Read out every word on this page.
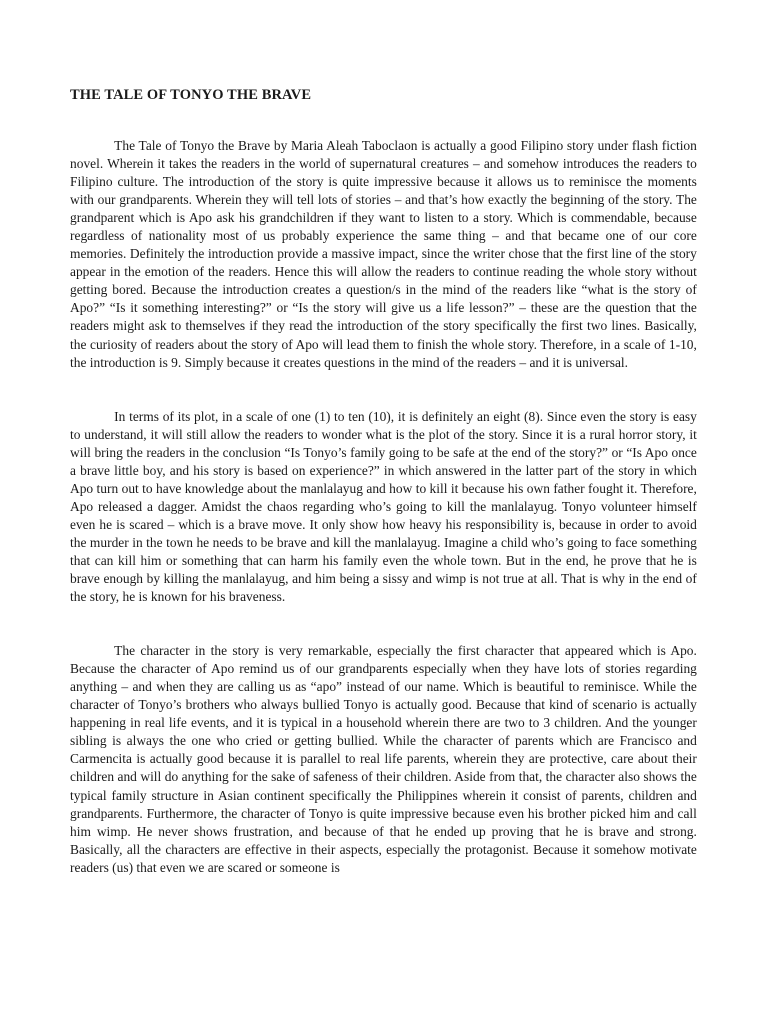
THE TALE OF TONYO THE BRAVE

The Tale of Tonyo the Brave by Maria Aleah Taboclaon is actually a good Filipino story under flash fiction novel. Wherein it takes the readers in the world of supernatural creatures – and somehow introduces the readers to Filipino culture. The introduction of the story is quite impressive because it allows us to reminisce the moments with our grandparents. Wherein they will tell lots of stories – and that’s how exactly the beginning of the story. The grandparent which is Apo ask his grandchildren if they want to listen to a story. Which is commendable, because regardless of nationality most of us probably experience the same thing – and that became one of our core memories. Definitely the introduction provide a massive impact, since the writer chose that the first line of the story appear in the emotion of the readers. Hence this will allow the readers to continue reading the whole story without getting bored. Because the introduction creates a question/s in the mind of the readers like “what is the story of Apo?” “Is it something interesting?” or “Is the story will give us a life lesson?” – these are the question that the readers might ask to themselves if they read the introduction of the story specifically the first two lines. Basically, the curiosity of readers about the story of Apo will lead them to finish the whole story. Therefore, in a scale of 1-10, the introduction is 9. Simply because it creates questions in the mind of the readers – and it is universal.

In terms of its plot, in a scale of one (1) to ten (10), it is definitely an eight (8). Since even the story is easy to understand, it will still allow the readers to wonder what is the plot of the story. Since it is a rural horror story, it will bring the readers in the conclusion “Is Tonyo’s family going to be safe at the end of the story?” or “Is Apo once a brave little boy, and his story is based on experience?” in which answered in the latter part of the story in which Apo turn out to have knowledge about the manlalayug and how to kill it because his own father fought it. Therefore, Apo released a dagger. Amidst the chaos regarding who’s going to kill the manlalayug. Tonyo volunteer himself even he is scared – which is a brave move. It only show how heavy his responsibility is, because in order to avoid the murder in the town he needs to be brave and kill the manlalayug. Imagine a child who’s going to face something that can kill him or something that can harm his family even the whole town. But in the end, he prove that he is brave enough by killing the manlalayug, and him being a sissy and wimp is not true at all. That is why in the end of the story, he is known for his braveness.

The character in the story is very remarkable, especially the first character that appeared which is Apo. Because the character of Apo remind us of our grandparents especially when they have lots of stories regarding anything – and when they are calling us as “apo” instead of our name. Which is beautiful to reminisce. While the character of Tonyo’s brothers who always bullied Tonyo is actually good. Because that kind of scenario is actually happening in real life events, and it is typical in a household wherein there are two to 3 children. And the younger sibling is always the one who cried or getting bullied. While the character of parents which are Francisco and Carmencita is actually good because it is parallel to real life parents, wherein they are protective, care about their children and will do anything for the sake of safeness of their children. Aside from that, the character also shows the typical family structure in Asian continent specifically the Philippines wherein it consist of parents, children and grandparents. Furthermore, the character of Tonyo is quite impressive because even his brother picked him and call him wimp. He never shows frustration, and because of that he ended up proving that he is brave and strong. Basically, all the characters are effective in their aspects, especially the protagonist. Because it somehow motivate readers (us) that even we are scared or someone is
